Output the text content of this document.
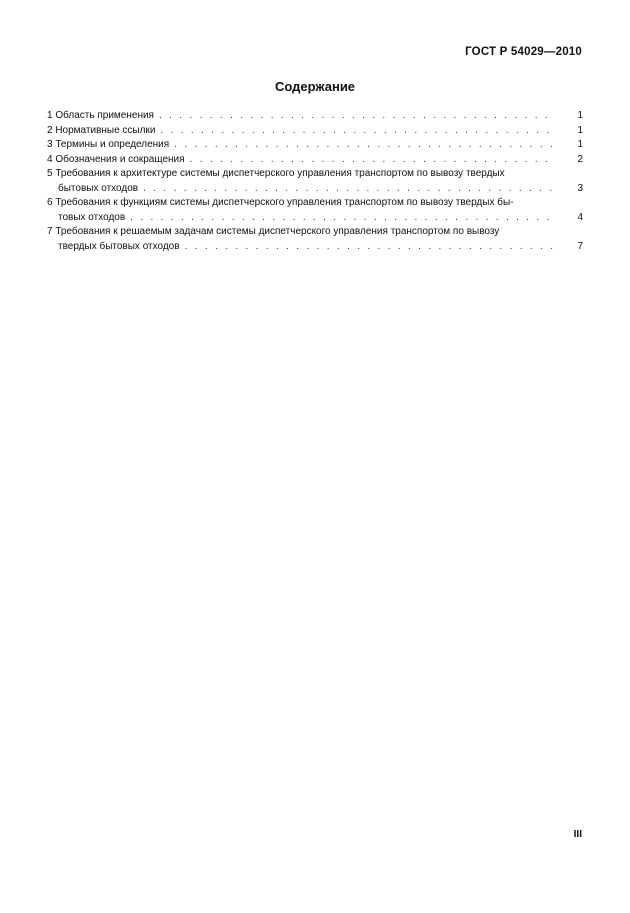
ГОСТ Р 54029—2010
Содержание
1 Область применения . . .	1
2 Нормативные ссылки . . .	1
3 Термины и определения . . .	1
4 Обозначения и сокращения . . .	2
5 Требования к архитектуре системы диспетчерского управления транспортом по вывозу твердых
бытовых отходов . . .	3
6 Требования к функциям системы диспетчерского управления транспортом по вывозу твердых бы-
товых отходов . . .	4
7 Требования к решаемым задачам системы диспетчерского управления транспортом по вывозу
твердых бытовых отходов . . .	7
III
